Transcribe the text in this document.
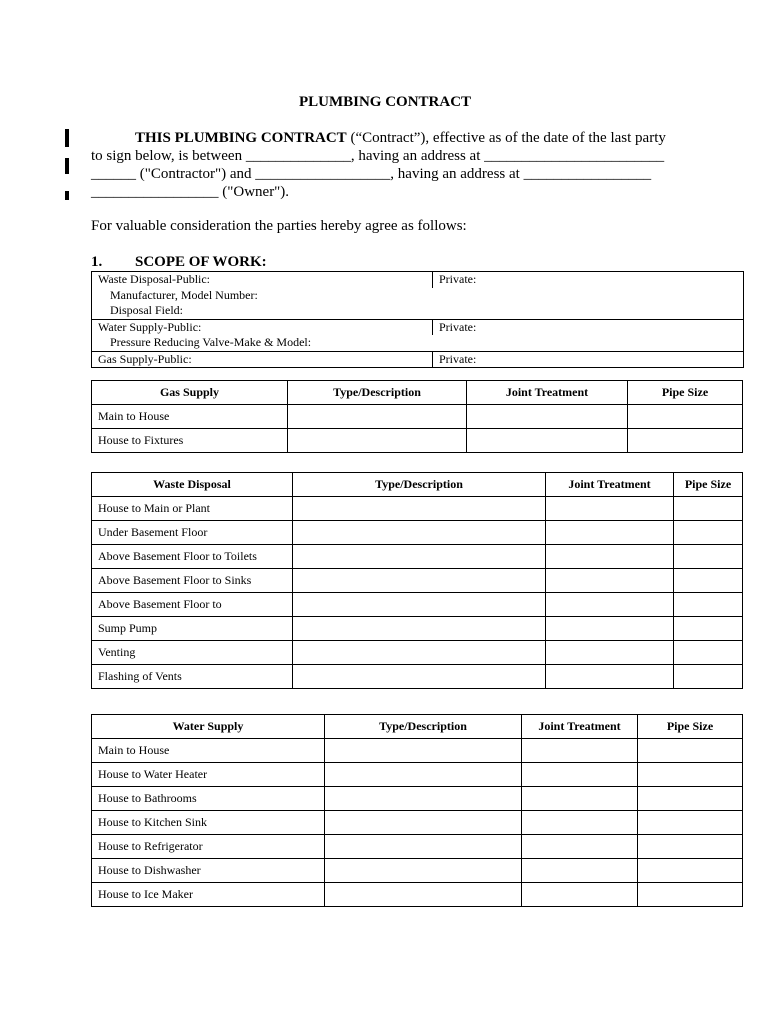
PLUMBING CONTRACT
THIS PLUMBING CONTRACT (“Contract”), effective as of the date of the last party
to sign below, is between ______________, having an address at ________________________
______ ("Contractor") and __________________, having an address at _________________
_________________ ("Owner").
For valuable consideration the parties hereby agree as follows:
1. SCOPE OF WORK:
Waste Disposal-Public:	Private:
Manufacturer, Model Number:
Disposal Field:
Water Supply-Public:	Private:
Pressure Reducing Valve-Make & Model:
Gas Supply-Public:	Private:
Gas Supply	Type/Description	Joint Treatment	Pipe Size
Main to House			
House to Fixtures			
Waste Disposal	Type/Description	Joint Treatment	Pipe Size
House to Main or Plant			
Under Basement Floor			
Above Basement Floor to Toilets			
Above Basement Floor to Sinks			
Above Basement Floor to			
Sump Pump			
Venting			
Flashing of Vents			
Water Supply	Type/Description	Joint Treatment	Pipe Size
Main to House			
House to Water Heater			
House to Bathrooms			
House to Kitchen Sink			
House to Refrigerator			
House to Dishwasher			
House to Ice Maker			
